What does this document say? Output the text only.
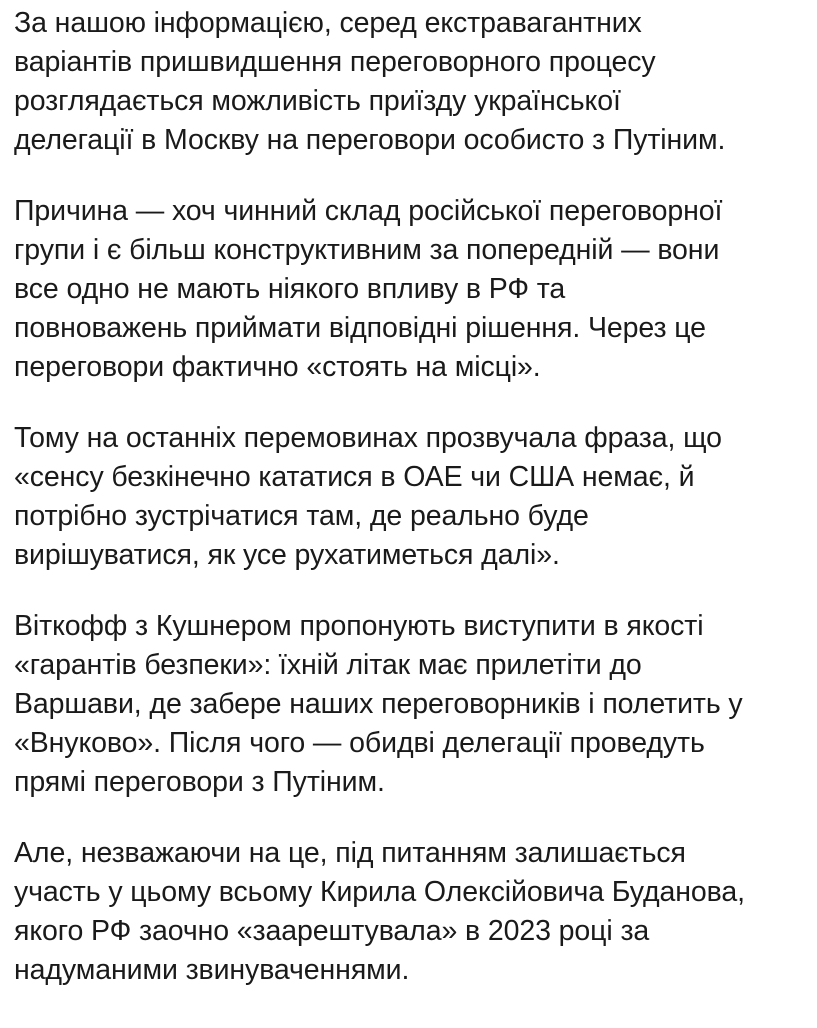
За нашою інформацією, серед екстравагантних
варіантів пришвидшення переговорного процесу
розглядається можливість приїзду української
делегації в Москву на переговори особисто з Путіним.

Причина — хоч чинний склад російської переговорної
групи і є більш конструктивним за попередній — вони
все одно не мають ніякого впливу в РФ та
повноважень приймати відповідні рішення. Через це
переговори фактично «стоять на місці».

Тому на останніх перемовинах прозвучала фраза, що
«сенсу безкінечно кататися в ОАЕ чи США немає, й
потрібно зустрічатися там, де реально буде
вирішуватися, як усе рухатиметься далі».

Віткофф з Кушнером пропонують виступити в якості
«гарантів безпеки»: їхній літак має прилетіти до
Варшави, де забере наших переговорників і полетить у
«Внуково». Після чого — обидві делегації проведуть
прямі переговори з Путіним.

Але, незважаючи на це, під питанням залишається
участь у цьому всьому Кирила Олексійовича Буданова,
якого РФ заочно «заарештувала» в 2023 році за
надуманими звинуваченнями.
